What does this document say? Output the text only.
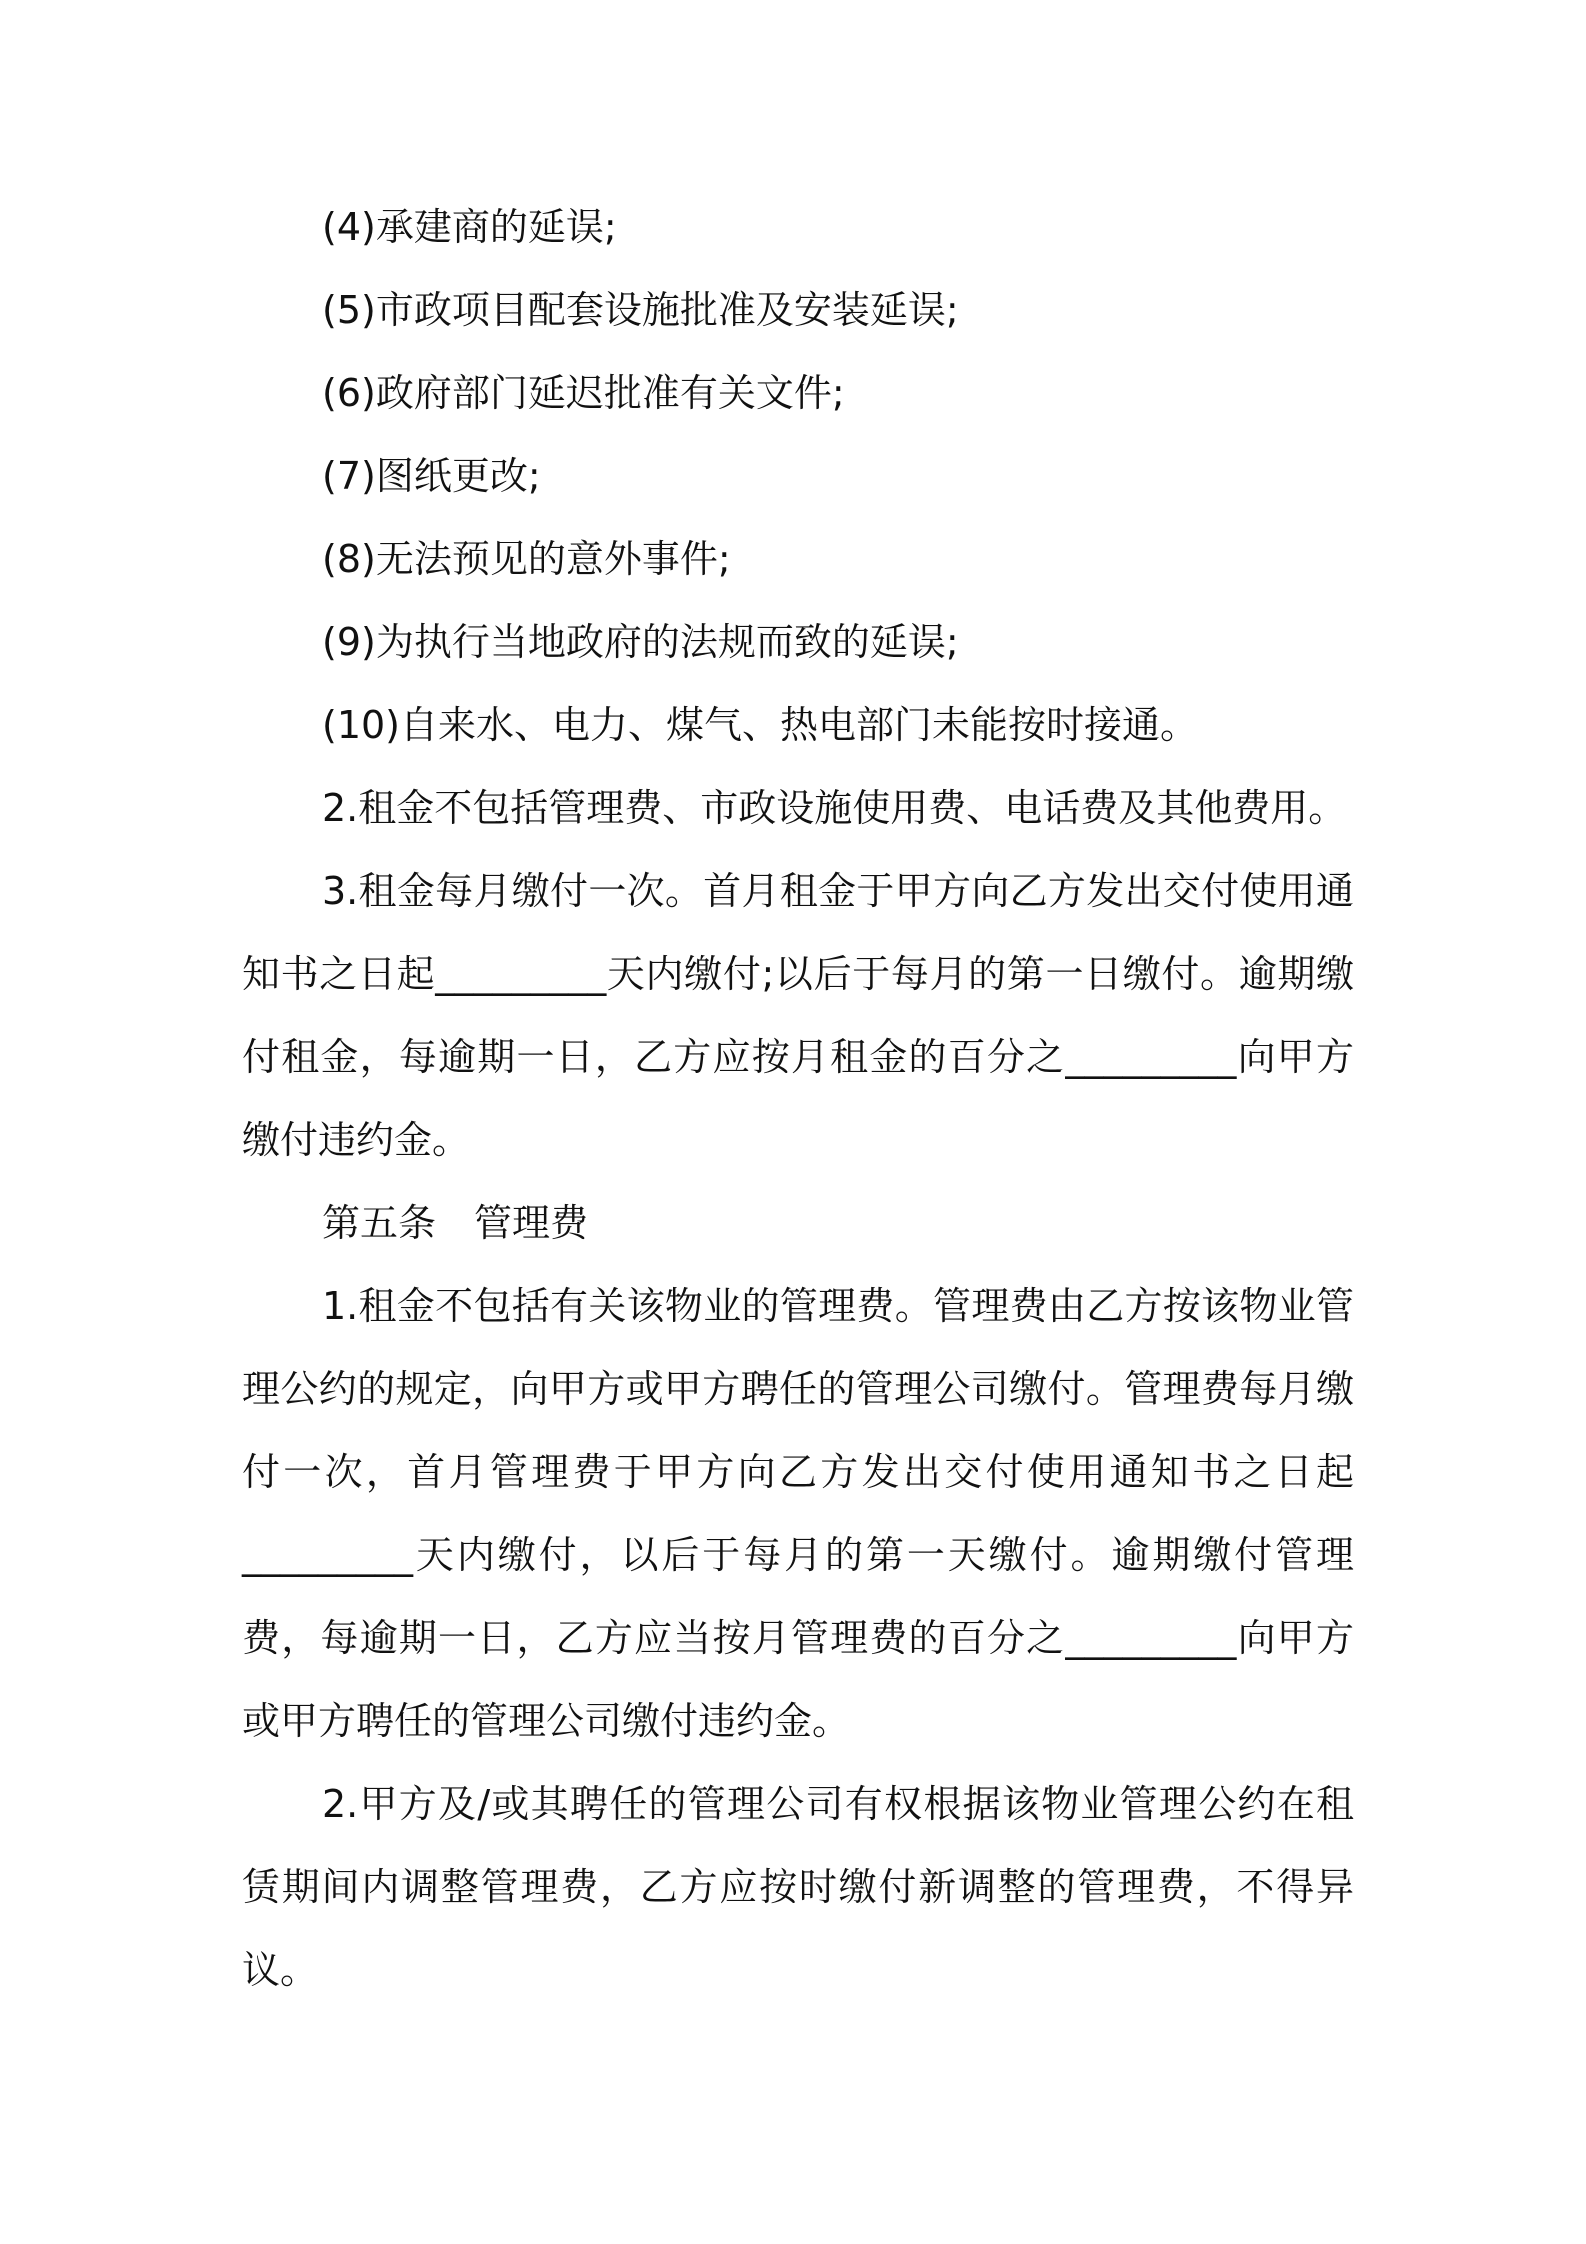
(4)承建商的延误;

(5)市政项目配套设施批准及安装延误;

(6)政府部门延迟批准有关文件;

(7)图纸更改;

(8)无法预见的意外事件;

(9)为执行当地政府的法规而致的延误;

(10)自来水、电力、煤气、热电部门未能按时接通。

2.租金不包括管理费、市政设施使用费、电话费及其他费用。

3.租金每月缴付一次。首月租金于甲方向乙方发出交付使用通知书之日起_________天内缴付;以后于每月的第一日缴付。逾期缴付租金，每逾期一日，乙方应按月租金的百分之_________向甲方缴付违约金。

第五条　管理费

1.租金不包括有关该物业的管理费。管理费由乙方按该物业管理公约的规定，向甲方或甲方聘任的管理公司缴付。管理费每月缴付一次，首月管理费于甲方向乙方发出交付使用通知书之日起_________天内缴付，以后于每月的第一天缴付。逾期缴付管理费，每逾期一日，乙方应当按月管理费的百分之_________向甲方或甲方聘任的管理公司缴付违约金。

2.甲方及/或其聘任的管理公司有权根据该物业管理公约在租赁期间内调整管理费，乙方应按时缴付新调整的管理费，不得异议。
